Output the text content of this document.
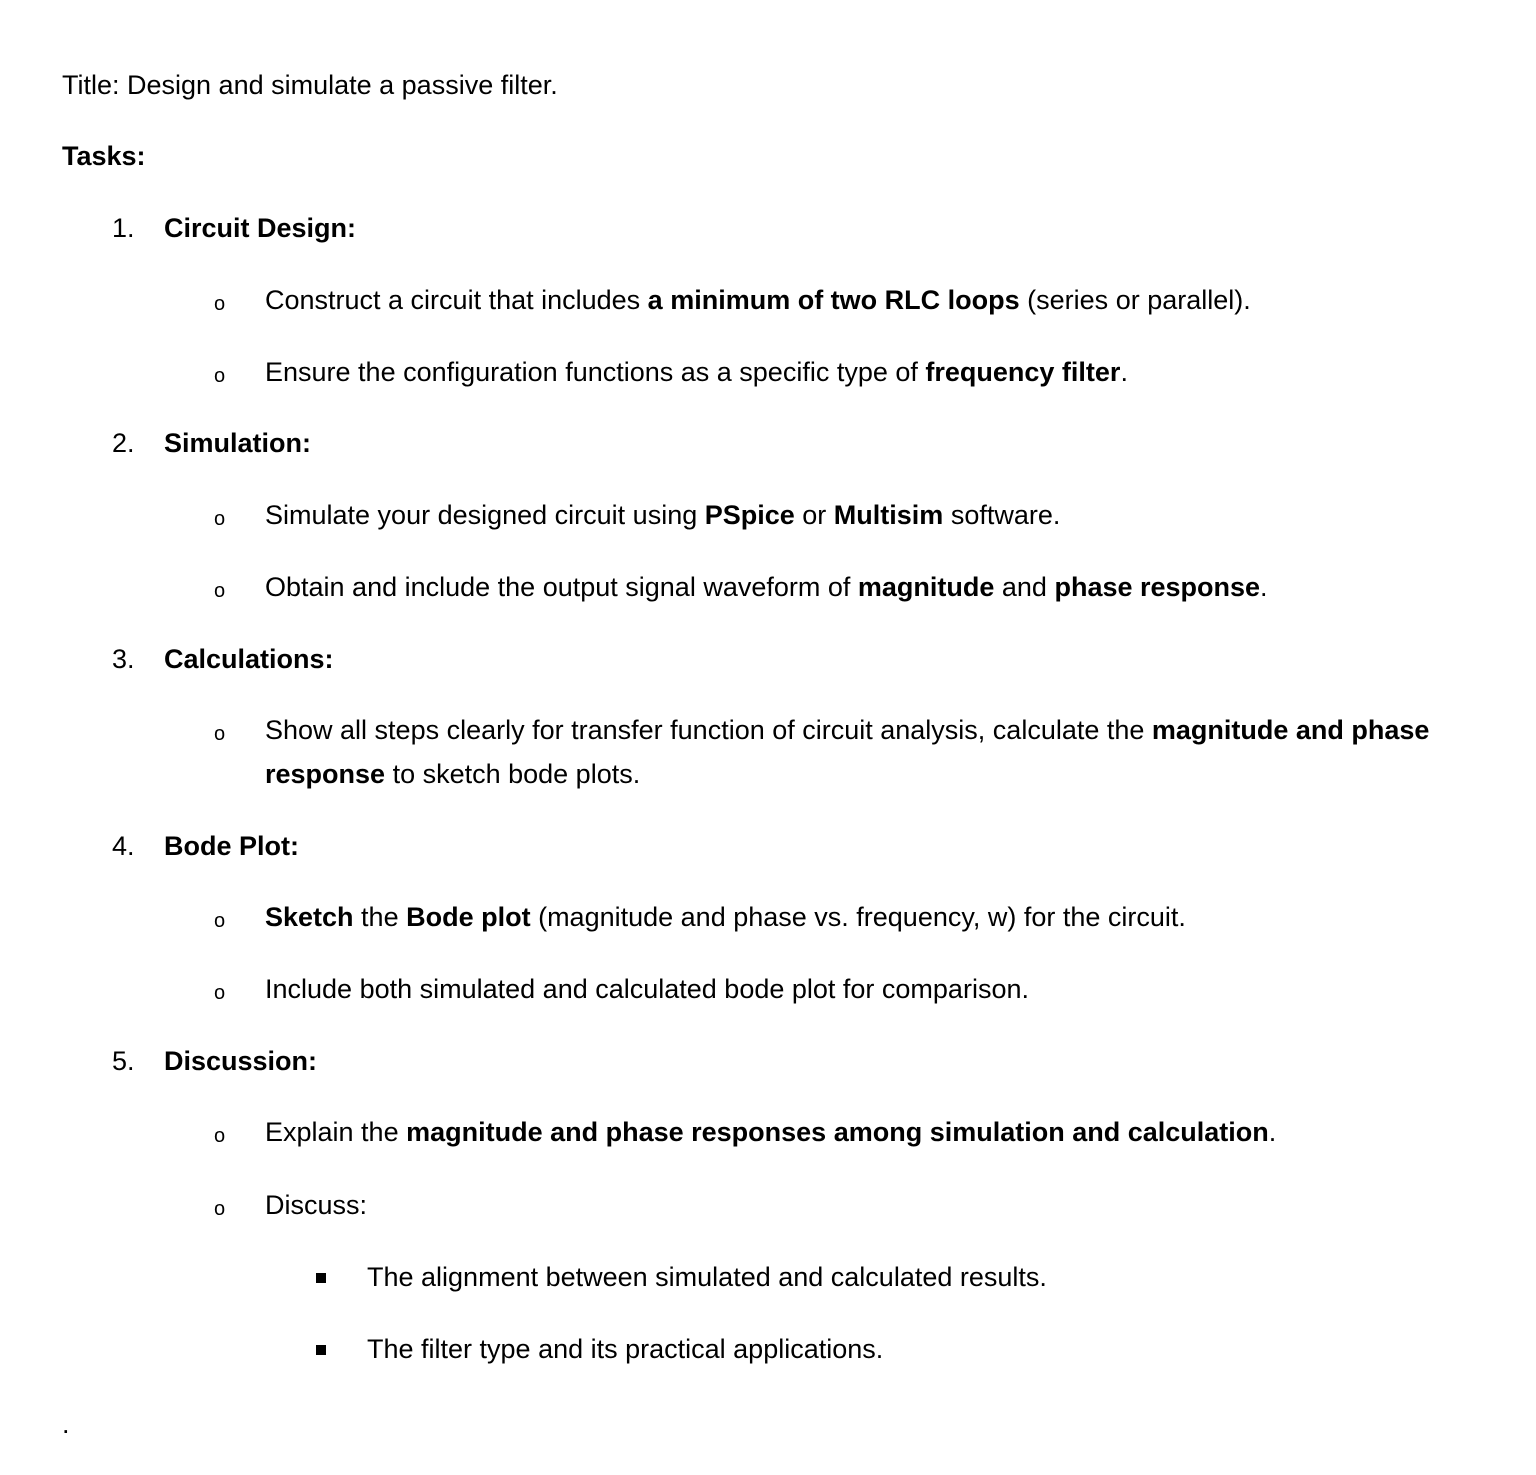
Title: Design and simulate a passive filter.
Tasks:
1.	Circuit Design:
o	Construct a circuit that includes a minimum of two RLC loops (series or parallel).
o	Ensure the configuration functions as a specific type of frequency filter.
2.	Simulation:
o	Simulate your designed circuit using PSpice or Multisim software.
o	Obtain and include the output signal waveform of magnitude and phase response.
3.	Calculations:
o	Show all steps clearly for transfer function of circuit analysis, calculate the magnitude and phase response to sketch bode plots.
4.	Bode Plot:
o	Sketch the Bode plot (magnitude and phase vs. frequency, w) for the circuit.
o	Include both simulated and calculated bode plot for comparison.
5.	Discussion:
o	Explain the magnitude and phase responses among simulation and calculation.
o	Discuss:
The alignment between simulated and calculated results.
The filter type and its practical applications.
.
